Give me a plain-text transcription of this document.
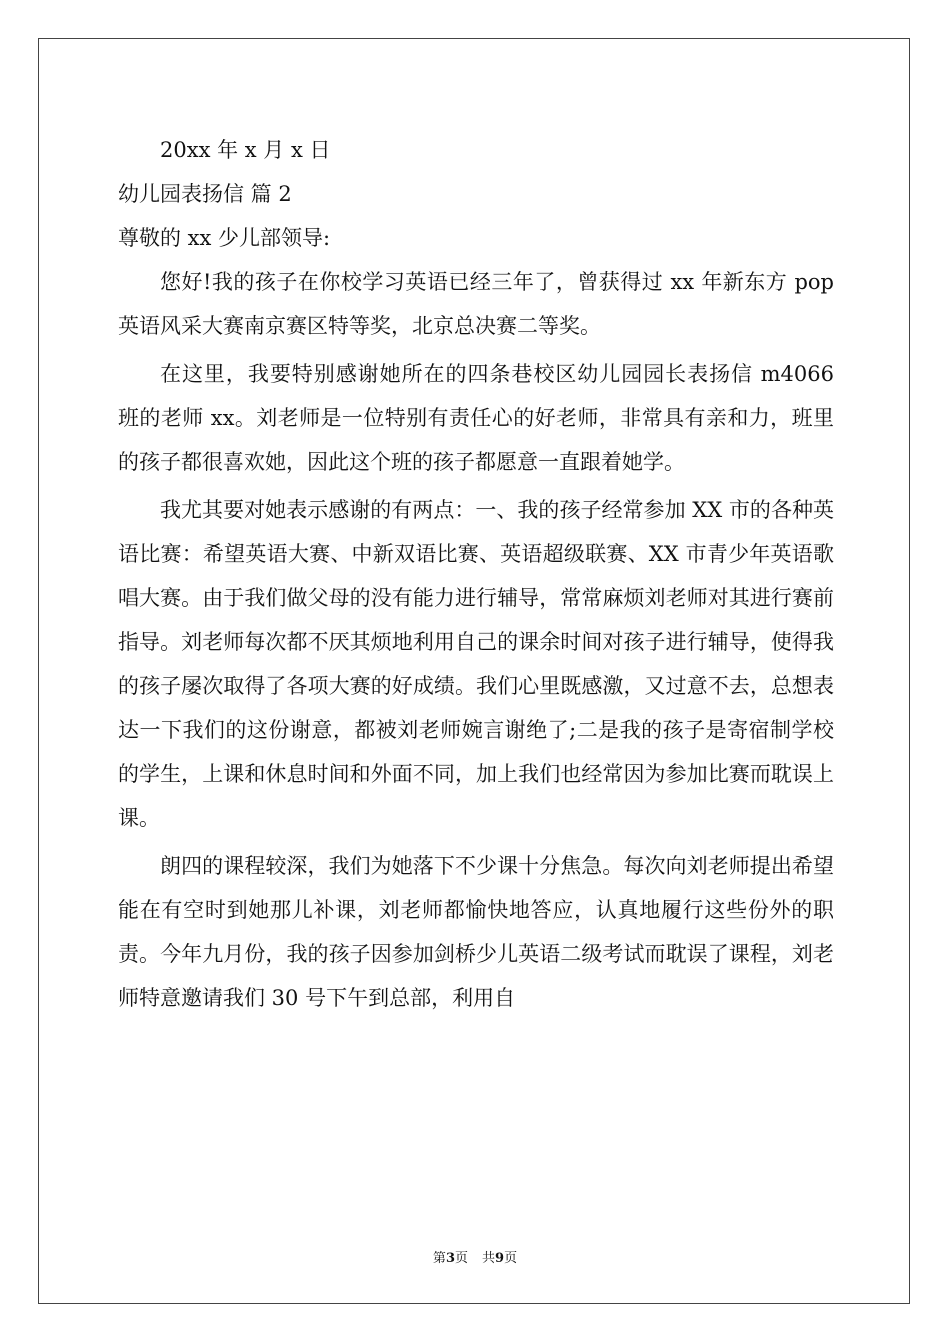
20xx 年 x 月 x 日

幼儿园表扬信 篇 2

尊敬的 xx 少儿部领导:

您好!我的孩子在你校学习英语已经三年了，曾获得过 xx 年新东方 pop 英语风采大赛南京赛区特等奖，北京总决赛二等奖。

在这里，我要特别感谢她所在的四条巷校区幼儿园园长表扬信 m4066 班的老师 xx。刘老师是一位特别有责任心的好老师，非常具有亲和力，班里的孩子都很喜欢她，因此这个班的孩子都愿意一直跟着她学。

我尤其要对她表示感谢的有两点：一、我的孩子经常参加 XX 市的各种英语比赛：希望英语大赛、中新双语比赛、英语超级联赛、XX 市青少年英语歌唱大赛。由于我们做父母的没有能力进行辅导，常常麻烦刘老师对其进行赛前指导。刘老师每次都不厌其烦地利用自己的课余时间对孩子进行辅导，使得我的孩子屡次取得了各项大赛的好成绩。我们心里既感激，又过意不去，总想表达一下我们的这份谢意，都被刘老师婉言谢绝了;二是我的孩子是寄宿制学校的学生，上课和休息时间和外面不同，加上我们也经常因为参加比赛而耽误上课。

朗四的课程较深，我们为她落下不少课十分焦急。每次向刘老师提出希望能在有空时到她那儿补课，刘老师都愉快地答应，认真地履行这些份外的职责。今年九月份，我的孩子因参加剑桥少儿英语二级考试而耽误了课程，刘老师特意邀请我们 30 号下午到总部，利用自

第3页 共9页
